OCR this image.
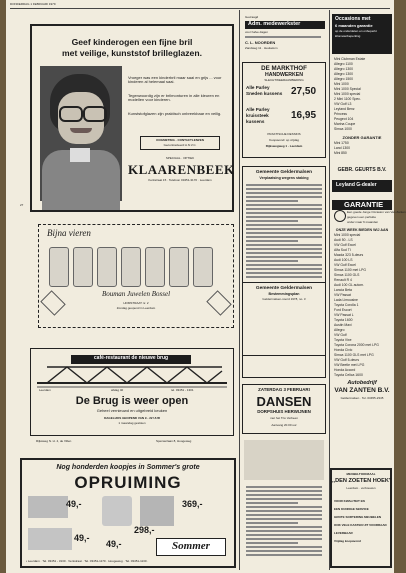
DONDERDAG 1 FEBRUARI 1979
Geef kinderogen een fijne bril
met veilige, kunststof brilleglazen.
Vroeger was een kinderbril maar saai en grijs ... voor kinderen al helemaal saai.
Tegenwoordig zijn er brilmonturen in alle kleuren en modellen voor kinderen.
Kunststofglazen zijn praktisch onbreekbaar en veilig.
OOGMETING · CONTACTLENZEN
Gecontracteerd A.N.V.C.
SPECIAAL · OPTIEK
KLAARENBEEK
Kerkstraat 15 · Telefoon 03451-3170 · Leerdam
27
Bijna vieren
Bouman Juwelen Bossel
HOMSTRAAT nr. 2
Zondag geopend in Leerdam
café-restaurant de nieuwe brug
Leerdam	afslag 40	tel. 03451 - 1301
De Brug is weer open
Geheel vernieuwd en uitgebreid keuken
DAGELIJKS GEOPEND VAN 9 - 22 UUR
1 maandag gesloten
Rijksweg N. H. 4, de Villen	Sperwerlaan 8, Hoogeweg
Nog honderden koopjes in Sommer's grote
OPRUIMING
49,-	369,-
49,-
298,-
49,-	Sommer
• Leerdam · Tel. 03451 - 3130 · Ventstraat · Tel. 03451-1170 · Hoogeweg · Tel. 03451-1130 ·
Gevraagd
Adm. medewerkster
voor halve dagen
C. L. NOORDEN
Zandweg 11 · Heukelum
DE MARKTHOF
HANDWERKEN
SLECHTWEERAANBIEDING
Alle Parley
Sneden kussens 27,50
Alle Parley
kruissteek
kussens
16,95
PRAKTISCHE DESSINS
Koopavond: op vrijdag
Rijkswegweg 1 · Leerdam
Gemeente Geldermalsen
Verplaatsing wegens staking
Gemeente Geldermalsen
Bestemmingsplan
Geldermalsen-noord 1978, no. 3
ZATERDAG 3 FEBRUARI
DANSEN
DORPSHUIS HERWIJNEN
met het Trio Verbeen
Aanvang 20.00 uur
Occasions met
6 maanden garantie
op de onderdelen en onbeperkt
kilometerbeperking
Mini Clubman Estate
Allegro 1100
Allegro 1300
Allegro 1300
Allegro 1500
Mini 1000
Mini 1000 Special
Mini 1000 special
2 Mini 1100 Spec.
VW Golf L3
Leyland Benz
Princess
Peugeot 104
Marina Coupe
Simca 1000
ZONDER GARANTIE
Mini 1750
Land 1300
Mini 850
GEBR. GEURTS B.V.
Leyland G-dealer
GARANTIE
Een goede Jonge Occasion van Van Zanten
gegeven een perfekte
onder maar 6 maanden
ONZE WEEK BIEDEN WIJ AAN
Mini 1000 special
Audi 50 - LS
VW Golf Excel
Alfa Sud TI
Mazda 323 5-deurs
Audi 100 LS
VW Golf Excel
Simca 1100 met LPG
Simca 1100 GLS
Renault R 4
Audi 100 GL autom.
Lancia Beta
VW Passat
Lada Limousine
Toyota Corolla 1
Ford Escort
VW Passat L
Toyota 1600
Austin Maxi
Allegro
VW Golf
Toyota Vixe
Toyota Corona 2000 met LPG
Honda Civic
Simca 1100 GLS met LPG
VW Golf 5-deurs
VW Beetle met LPG
Honda Accord
Toyota Celica 1600
Autobedrijf
VAN ZANTEN B.V.
Geldermalsen · Tel. 03455-2345
MEUBELTOONZAAL
,,DEN ZOETEN HOEK"
Leerdam · verbouwen
VOOR KWALITEIT EN
EEN KUNDIGE SERVICE
GROTE SORTERING MEUBELEN
OOK VELE KASTEN UIT VOORRAAD
LEVERBAAR
Vrijdag koopavond
